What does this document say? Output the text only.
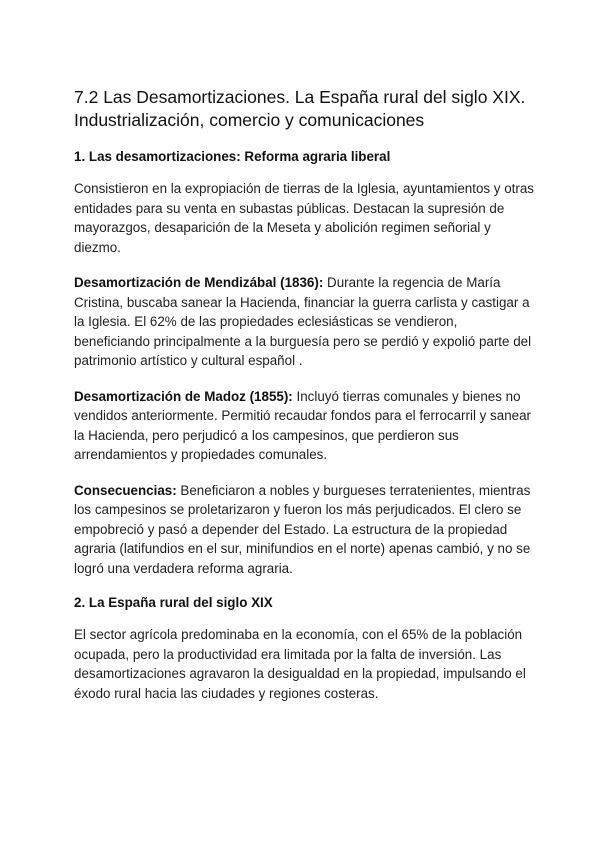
7.2 Las Desamortizaciones. La España rural del siglo XIX. Industrialización, comercio y comunicaciones
1. Las desamortizaciones: Reforma agraria liberal

Consistieron en la expropiación de tierras de la Iglesia, ayuntamientos y otras entidades para su venta en subastas públicas. Destacan la supresión de mayorazgos, desaparición de la Meseta y abolición regimen señorial y diezmo.

Desamortización de Mendizábal (1836): Durante la regencia de María Cristina, buscaba sanear la Hacienda, financiar la guerra carlista y castigar a la Iglesia. El 62% de las propiedades eclesiásticas se vendieron, beneficiando principalmente a la burguesía pero se perdió y expolió parte del patrimonio artístico y cultural español .

Desamortización de Madoz (1855): Incluyó tierras comunales y bienes no vendidos anteriormente. Permitió recaudar fondos para el ferrocarril y sanear la Hacienda, pero perjudicó a los campesinos, que perdieron sus arrendamientos y propiedades comunales.

Consecuencias: Beneficiaron a nobles y burgueses terratenientes, mientras los campesinos se proletarizaron y fueron los más perjudicados. El clero se empobreció y pasó a depender del Estado. La estructura de la propiedad agraria (latifundios en el sur, minifundios en el norte) apenas cambió, y no se logró una verdadera reforma agraria.

2. La España rural del siglo XIX

El sector agrícola predominaba en la economía, con el 65% de la población ocupada, pero la productividad era limitada por la falta de inversión. Las desamortizaciones agravaron la desigualdad en la propiedad, impulsando el éxodo rural hacia las ciudades y regiones costeras.
